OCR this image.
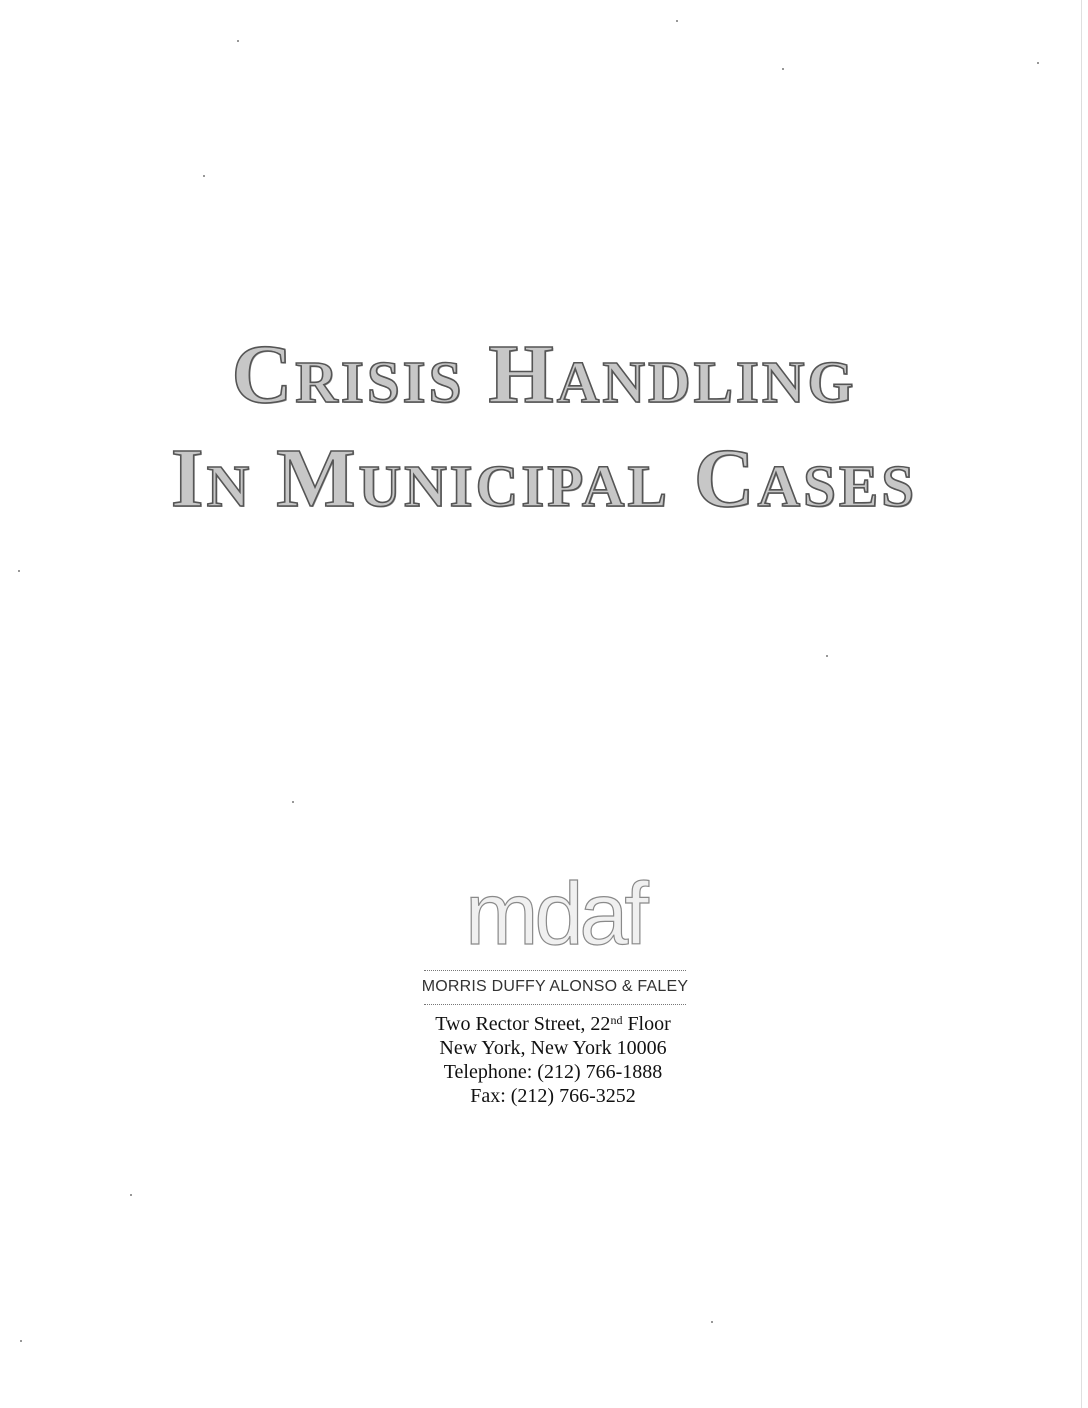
Crisis Handling
In Municipal Cases
mdaf
MORRIS DUFFY ALONSO & FALEY
Two Rector Street, 22nd Floor
New York, New York 10006
Telephone: (212) 766-1888
Fax: (212) 766-3252
